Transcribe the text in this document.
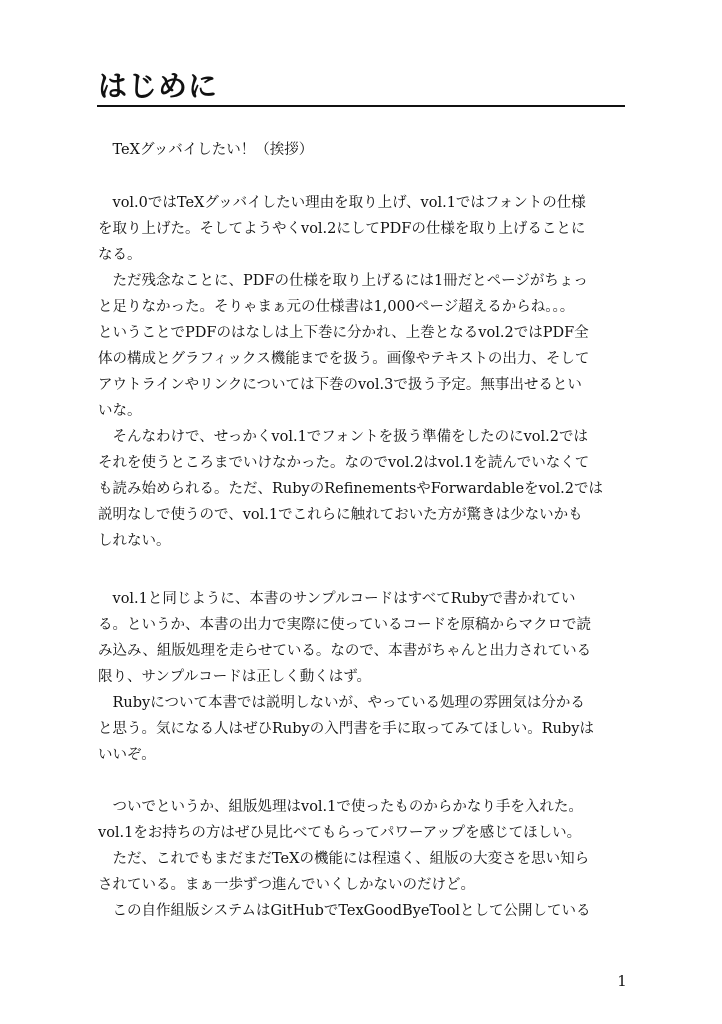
はじめに

TeXグッバイしたい！（挨拶）

vol.0ではTeXグッバイしたい理由を取り上げ、vol.1ではフォントの仕様
を取り上げた。そしてようやくvol.2にしてPDFの仕様を取り上げることに
なる。

ただ残念なことに、PDFの仕様を取り上げるには1冊だとページがちょっ
と足りなかった。そりゃまぁ元の仕様書は1,000ページ超えるからね。。。
ということでPDFのはなしは上下巻に分かれ、上巻となるvol.2ではPDF全
体の構成とグラフィックス機能までを扱う。画像やテキストの出力、そして
アウトラインやリンクについては下巻のvol.3で扱う予定。無事出せるとい
いな。

そんなわけで、せっかくvol.1でフォントを扱う準備をしたのにvol.2では
それを使うところまでいけなかった。なのでvol.2はvol.1を読んでいなくて
も読み始められる。ただ、RubyのRefinementsやForwardableをvol.2では
説明なしで使うので、vol.1でこれらに触れておいた方が驚きは少ないかも
しれない。

vol.1と同じように、本書のサンプルコードはすべてRubyで書かれてい
る。というか、本書の出力で実際に使っているコードを原稿からマクロで読
み込み、組版処理を走らせている。なので、本書がちゃんと出力されている
限り、サンプルコードは正しく動くはず。

Rubyについて本書では説明しないが、やっている処理の雰囲気は分かる
と思う。気になる人はぜひRubyの入門書を手に取ってみてほしい。Rubyは
いいぞ。

ついでというか、組版処理はvol.1で使ったものからかなり手を入れた。
vol.1をお持ちの方はぜひ見比べてもらってパワーアップを感じてほしい。

ただ、これでもまだまだTeXの機能には程遠く、組版の大変さを思い知ら
されている。まぁ一歩ずつ進んでいくしかないのだけど。

この自作組版システムはGitHubでTexGoodByeToolとして公開している

1
